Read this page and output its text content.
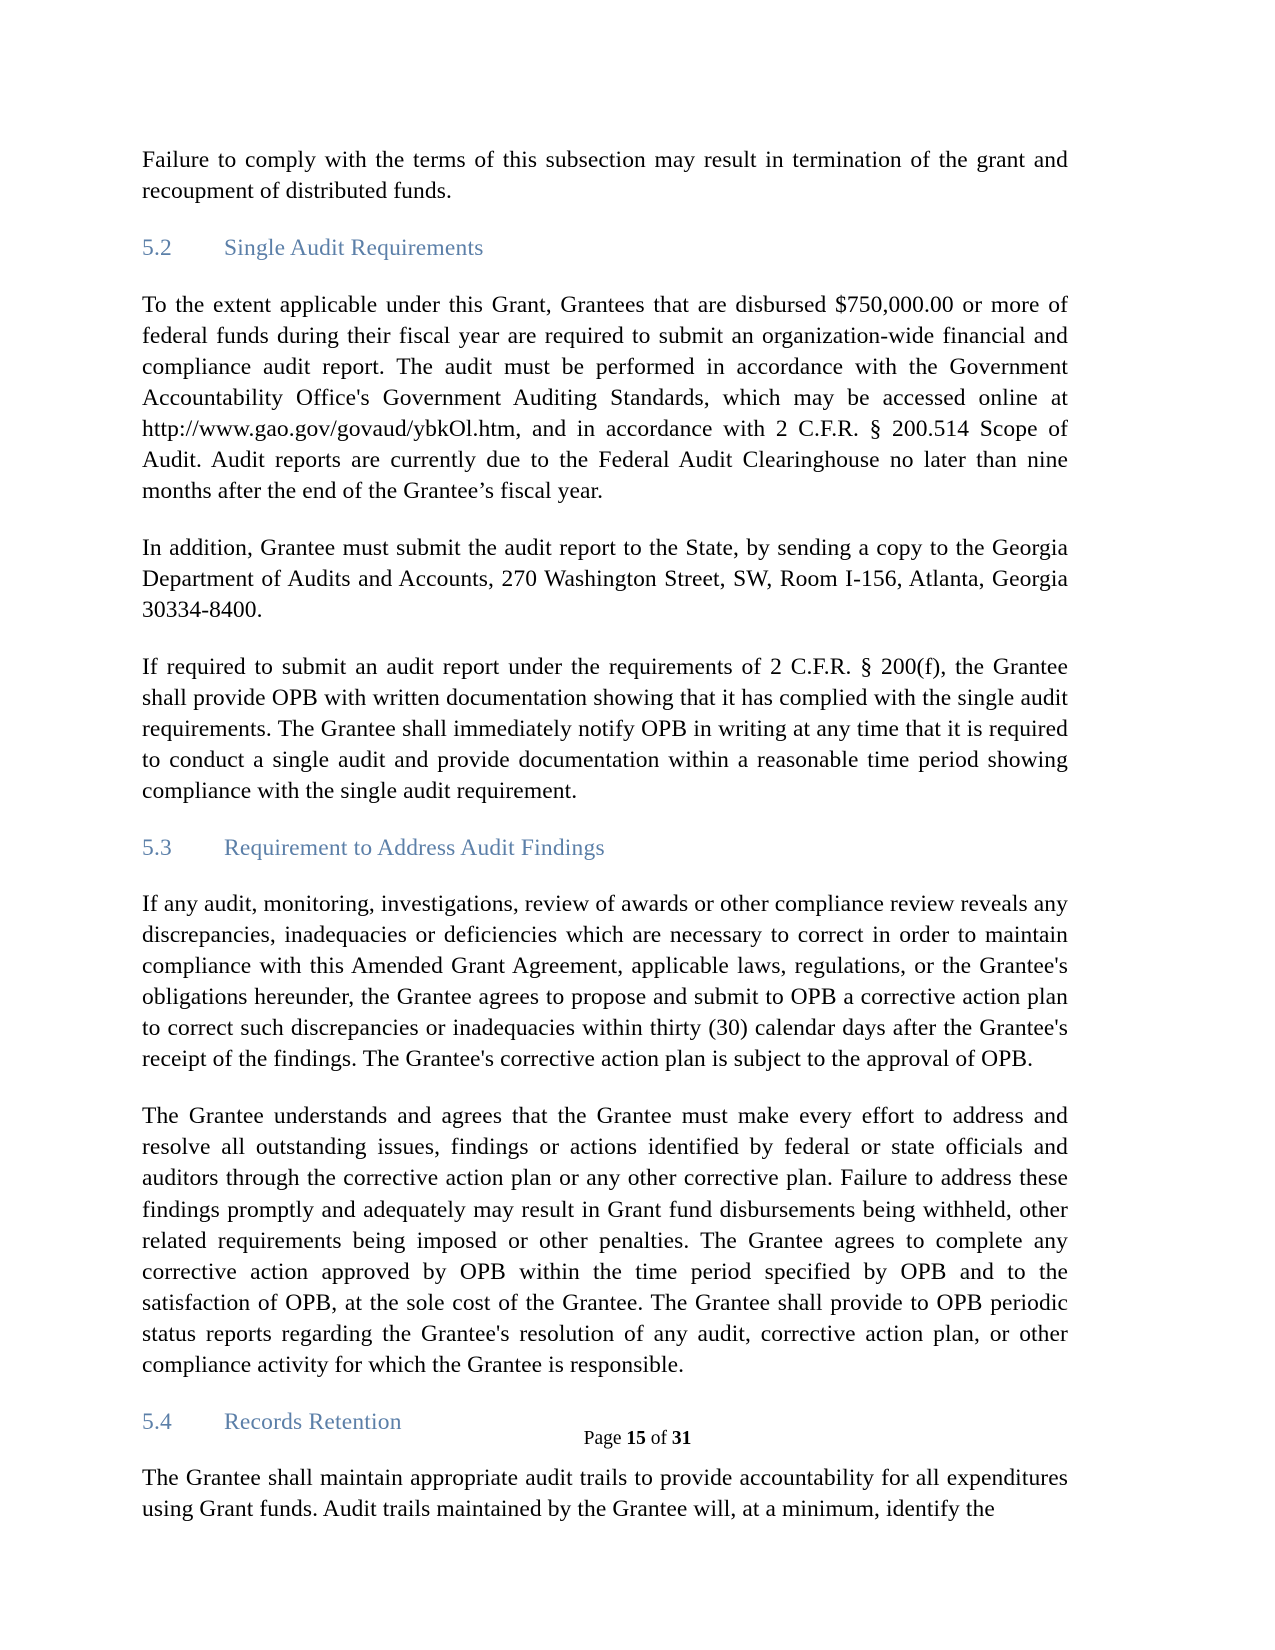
Failure to comply with the terms of this subsection may result in termination of the grant and recoupment of distributed funds.

5.2 Single Audit Requirements

To the extent applicable under this Grant, Grantees that are disbursed $750,000.00 or more of federal funds during their fiscal year are required to submit an organization-wide financial and compliance audit report. The audit must be performed in accordance with the Government Accountability Office's Government Auditing Standards, which may be accessed online at http://www.gao.gov/govaud/ybkOl.htm, and in accordance with 2 C.F.R. § 200.514 Scope of Audit. Audit reports are currently due to the Federal Audit Clearinghouse no later than nine months after the end of the Grantee’s fiscal year.

In addition, Grantee must submit the audit report to the State, by sending a copy to the Georgia Department of Audits and Accounts, 270 Washington Street, SW, Room I-156, Atlanta, Georgia 30334-8400.

If required to submit an audit report under the requirements of 2 C.F.R. § 200(f), the Grantee shall provide OPB with written documentation showing that it has complied with the single audit requirements. The Grantee shall immediately notify OPB in writing at any time that it is required to conduct a single audit and provide documentation within a reasonable time period showing compliance with the single audit requirement.

5.3 Requirement to Address Audit Findings

If any audit, monitoring, investigations, review of awards or other compliance review reveals any discrepancies, inadequacies or deficiencies which are necessary to correct in order to maintain compliance with this Amended Grant Agreement, applicable laws, regulations, or the Grantee's obligations hereunder, the Grantee agrees to propose and submit to OPB a corrective action plan to correct such discrepancies or inadequacies within thirty (30) calendar days after the Grantee's receipt of the findings. The Grantee's corrective action plan is subject to the approval of OPB.

The Grantee understands and agrees that the Grantee must make every effort to address and resolve all outstanding issues, findings or actions identified by federal or state officials and auditors through the corrective action plan or any other corrective plan. Failure to address these findings promptly and adequately may result in Grant fund disbursements being withheld, other related requirements being imposed or other penalties. The Grantee agrees to complete any corrective action approved by OPB within the time period specified by OPB and to the satisfaction of OPB, at the sole cost of the Grantee. The Grantee shall provide to OPB periodic status reports regarding the Grantee's resolution of any audit, corrective action plan, or other compliance activity for which the Grantee is responsible.

5.4 Records Retention

The Grantee shall maintain appropriate audit trails to provide accountability for all expenditures using Grant funds. Audit trails maintained by the Grantee will, at a minimum, identify the

Page 15 of 31
